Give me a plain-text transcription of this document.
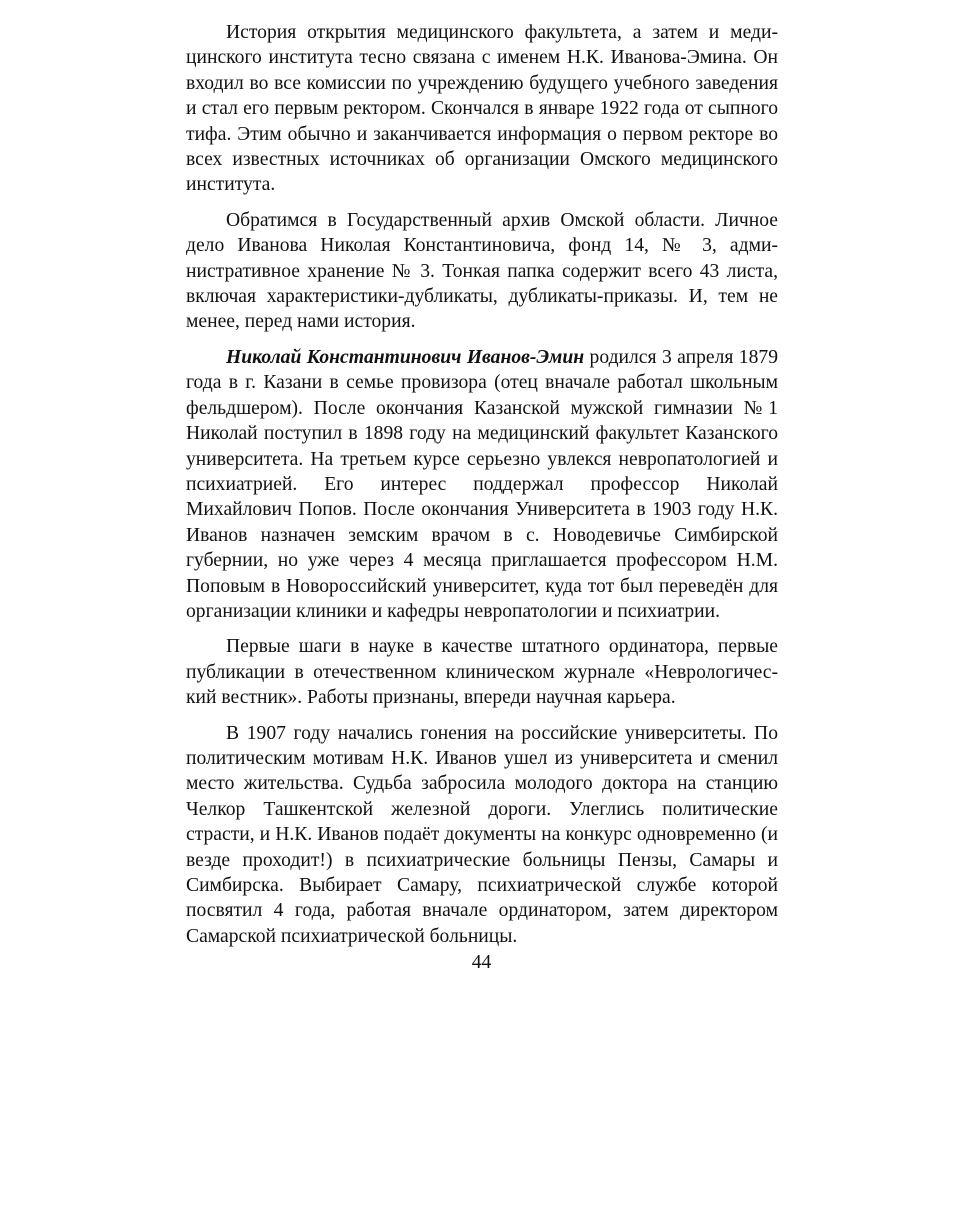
История открытия медицинского факультета, а затем и медицинского института тесно связана с именем Н.К. Иванова-Эмина. Он входил во все комиссии по учреждению будущего учебного заведения и стал его первым ректором. Скончался в январе 1922 года от сыпного тифа. Этим обычно и заканчивается информация о первом ректоре во всех известных источниках об организации Омского медицинского института.

Обратимся в Государственный архив Омской области. Личное дело Иванова Николая Константиновича, фонд 14, № 3, административное хранение № 3. Тонкая папка содержит всего 43 листа, включая характеристики-дубликаты, дубликаты-приказы. И, тем не менее, перед нами история.

Николай Константинович Иванов-Эмин родился 3 апреля 1879 года в г. Казани в семье провизора (отец вначале работал школьным фельдшером). После окончания Казанской мужской гимназии №1 Николай поступил в 1898 году на медицинский факультет Казанского университета. На третьем курсе серьезно увлекся невропатологией и психиатрией. Его интерес поддержал профессор Николай Михайлович Попов. После окончания Университета в 1903 году Н.К. Иванов назначен земским врачом в с. Новодевичье Симбирской губернии, но уже через 4 месяца приглашается профессором Н.М. Поповым в Новороссийский университет, куда тот был переведён для организации клиники и кафедры невропатологии и психиатрии.

Первые шаги в науке в качестве штатного ординатора, первые публикации в отечественном клиническом журнале «Неврологический вестник». Работы признаны, впереди научная карьера.

В 1907 году начались гонения на российские университеты. По политическим мотивам Н.К. Иванов ушел из университета и сменил место жительства. Судьба забросила молодого доктора на станцию Челкор Ташкентской железной дороги. Улеглись политические страсти, и Н.К. Иванов подаёт документы на конкурс одновременно (и везде проходит!) в психиатрические больницы Пензы, Самары и Симбирска. Выбирает Самару, психиатрической службе которой посвятил 4 года, работая вначале ординатором, затем директором Самарской психиатрической больницы.

44
